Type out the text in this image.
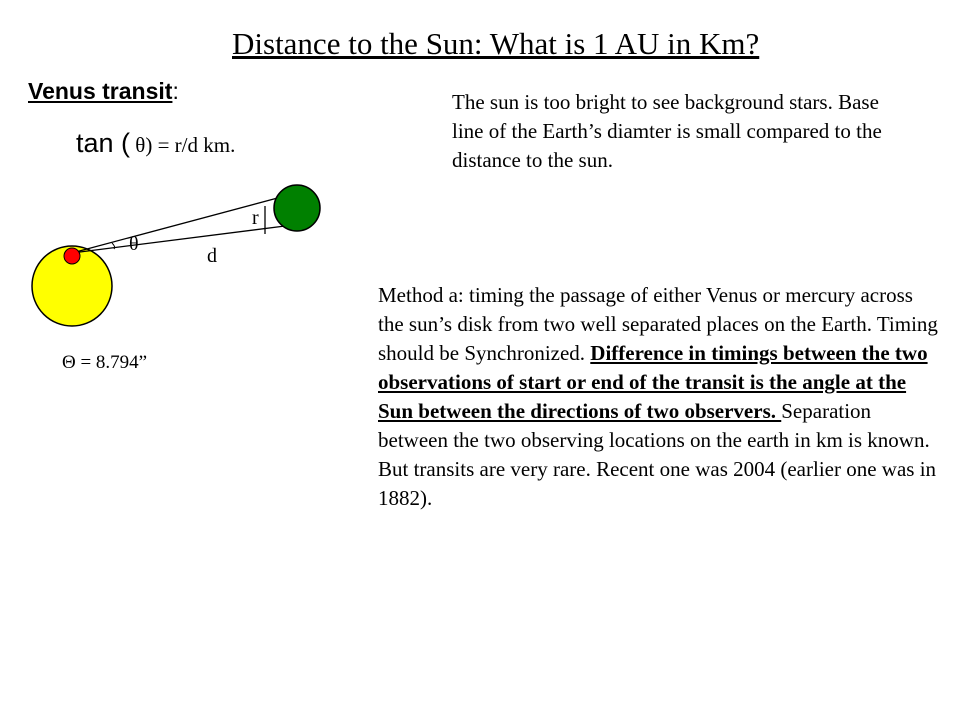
Distance to the Sun: What is 1 AU in Km?
Venus transit:
tan ( θ) = r/d km.
The sun is too bright to see background stars. Base line of the Earth’s diamter is small compared to the distance to the sun.
r
θ
d
Θ = 8.794”
Method a: timing the passage of either Venus or mercury across the sun’s disk from two well separated places on the Earth. Timing should be Synchronized. Difference in timings between the two observations of start or end of the transit is the angle at the Sun between the directions of two observers. Separation between the two observing locations on the earth in km is known. But transits are very rare. Recent one was 2004 (earlier one was in 1882).
